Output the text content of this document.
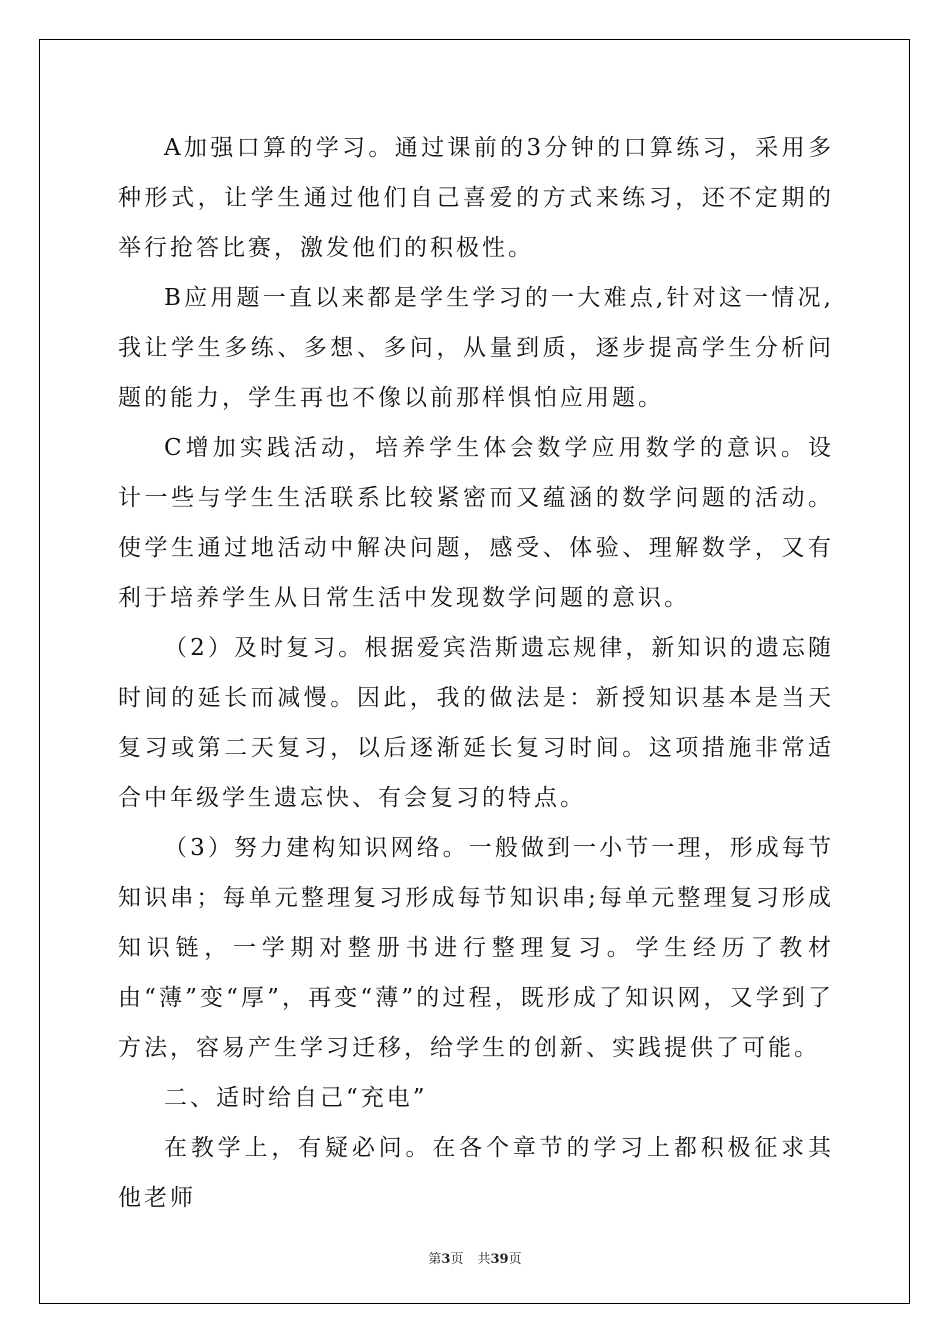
A加强口算的学习。通过课前的3分钟的口算练习，采用多种形式，让学生通过他们自己喜爱的方式来练习，还不定期的举行抢答比赛，激发他们的积极性。

B应用题一直以来都是学生学习的一大难点,针对这一情况,我让学生多练、多想、多问，从量到质，逐步提高学生分析问题的能力，学生再也不像以前那样惧怕应用题。

C增加实践活动，培养学生体会数学应用数学的意识。设计一些与学生生活联系比较紧密而又蕴涵的数学问题的活动。使学生通过地活动中解决问题，感受、体验、理解数学，又有利于培养学生从日常生活中发现数学问题的意识。

（2）及时复习。根据爱宾浩斯遗忘规律，新知识的遗忘随时间的延长而减慢。因此，我的做法是：新授知识基本是当天复习或第二天复习，以后逐渐延长复习时间。这项措施非常适合中年级学生遗忘快、有会复习的特点。

（3）努力建构知识网络。一般做到一小节一理，形成每节知识串；每单元整理复习形成每节知识串;每单元整理复习形成知识链，一学期对整册书进行整理复习。学生经历了教材由“薄”变“厚”，再变“薄”的过程，既形成了知识网，又学到了方法，容易产生学习迁移，给学生的创新、实践提供了可能。

二、适时给自己“充电”

在教学上，有疑必问。在各个章节的学习上都积极征求其他老师

第3页 共39页
